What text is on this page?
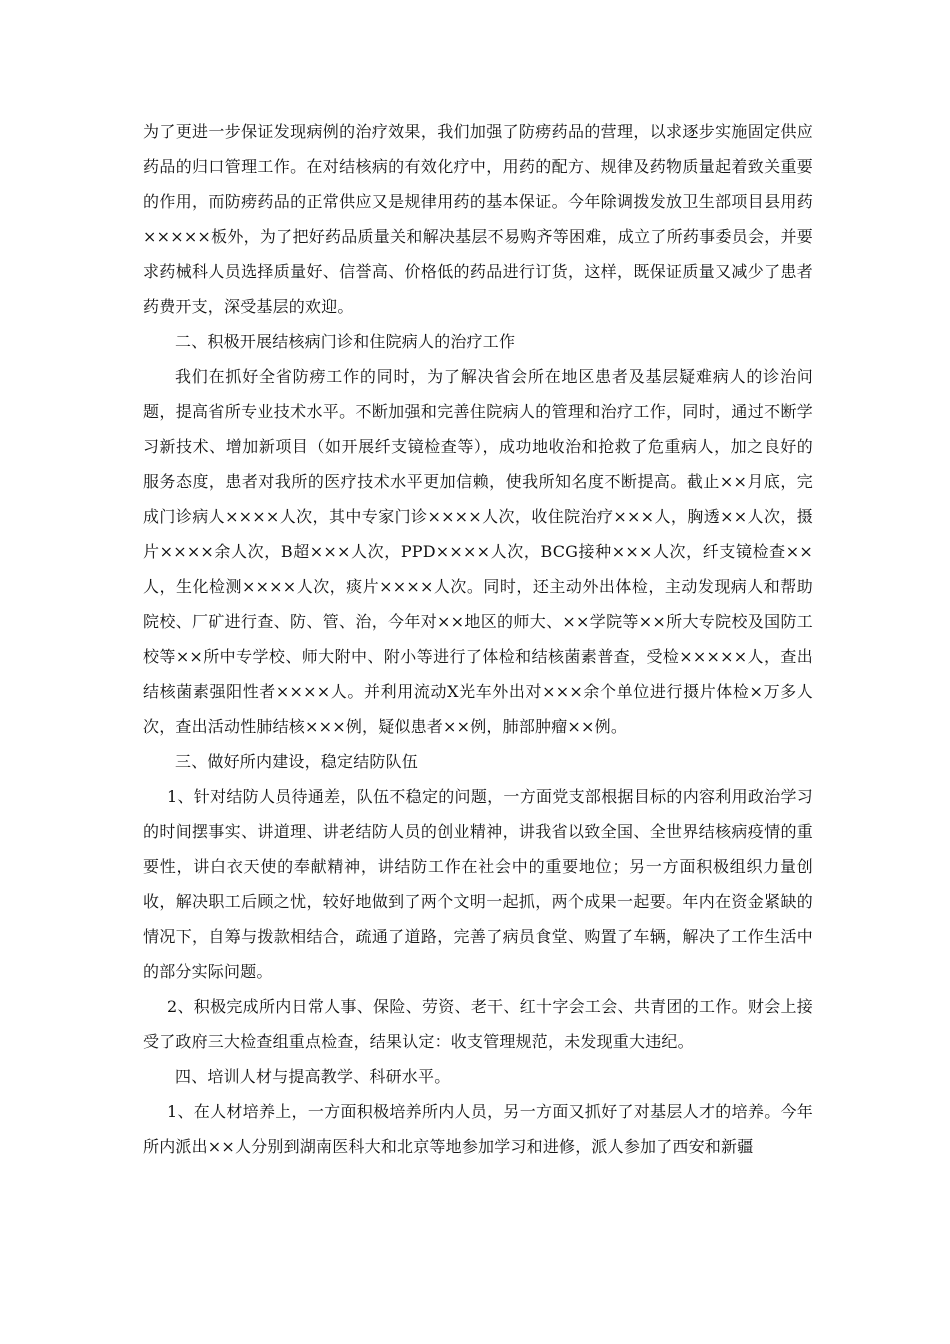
为了更进一步保证发现病例的治疗效果，我们加强了防痨药品的营理，以求逐步实施固定供应药品的归口管理工作。在对结核病的有效化疗中，用药的配方、规律及药物质量起着致关重要的作用，而防痨药品的正常供应又是规律用药的基本保证。今年除调拨发放卫生部项目县用药×××××板外，为了把好药品质量关和解决基层不易购齐等困难，成立了所药事委员会，并要求药械科人员选择质量好、信誉高、价格低的药品进行订货，这样，既保证质量又减少了患者药费开支，深受基层的欢迎。

二、积极开展结核病门诊和住院病人的治疗工作

我们在抓好全省防痨工作的同时，为了解决省会所在地区患者及基层疑难病人的诊治问题，提高省所专业技术水平。不断加强和完善住院病人的管理和治疗工作，同时，通过不断学习新技术、增加新项目（如开展纤支镜检查等），成功地收治和抢救了危重病人，加之良好的服务态度，患者对我所的医疗技术水平更加信赖，使我所知名度不断提高。截止××月底，完成门诊病人××××人次，其中专家门诊××××人次，收住院治疗×××人，胸透××人次，摄片××××余人次，B超×××人次，PPD××××人次，BCG接种×××人次，纤支镜检查××人，生化检测××××人次，痰片××××人次。同时，还主动外出体检，主动发现病人和帮助院校、厂矿进行查、防、管、治，今年对××地区的师大、××学院等××所大专院校及国防工校等××所中专学校、师大附中、附小等进行了体检和结核菌素普查，受检×××××人，查出结核菌素强阳性者××××人。并利用流动X光车外出对×××余个单位进行摄片体检×万多人次，查出活动性肺结核×××例，疑似患者××例，肺部肿瘤××例。

三、做好所内建设，稳定结防队伍

1、针对结防人员待通差，队伍不稳定的问题，一方面党支部根据目标的内容利用政治学习的时间摆事实、讲道理、讲老结防人员的创业精神，讲我省以致全国、全世界结核病疫情的重要性，讲白衣天使的奉献精神，讲结防工作在社会中的重要地位；另一方面积极组织力量创收，解决职工后顾之忧，较好地做到了两个文明一起抓，两个成果一起要。年内在资金紧缺的情况下，自筹与拨款相结合，疏通了道路，完善了病员食堂、购置了车辆，解决了工作生活中的部分实际问题。

2、积极完成所内日常人事、保险、劳资、老干、红十字会工会、共青团的工作。财会上接受了政府三大检查组重点检查，结果认定：收支管理规范，未发现重大违纪。

四、培训人材与提高教学、科研水平。

1、在人材培养上，一方面积极培养所内人员，另一方面又抓好了对基层人才的培养。今年所内派出××人分别到湖南医科大和北京等地参加学习和进修，派人参加了西安和新疆
